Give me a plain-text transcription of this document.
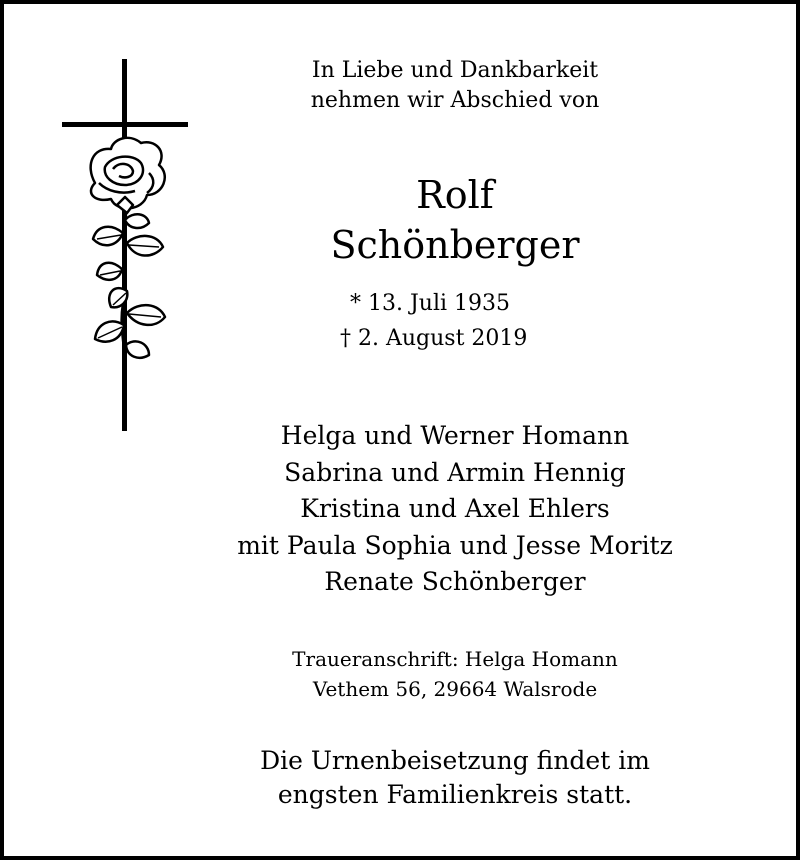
In Liebe und Dankbarkeit
nehmen wir Abschied von
Rolf
Schönberger
* 13. Juli 1935
† 2. August 2019
Helga und Werner Homann
Sabrina und Armin Hennig
Kristina und Axel Ehlers
mit Paula Sophia und Jesse Moritz
Renate Schönberger
Traueranschrift: Helga Homann
Vethem 56, 29664 Walsrode
Die Urnenbeisetzung findet im
engsten Familienkreis statt.
